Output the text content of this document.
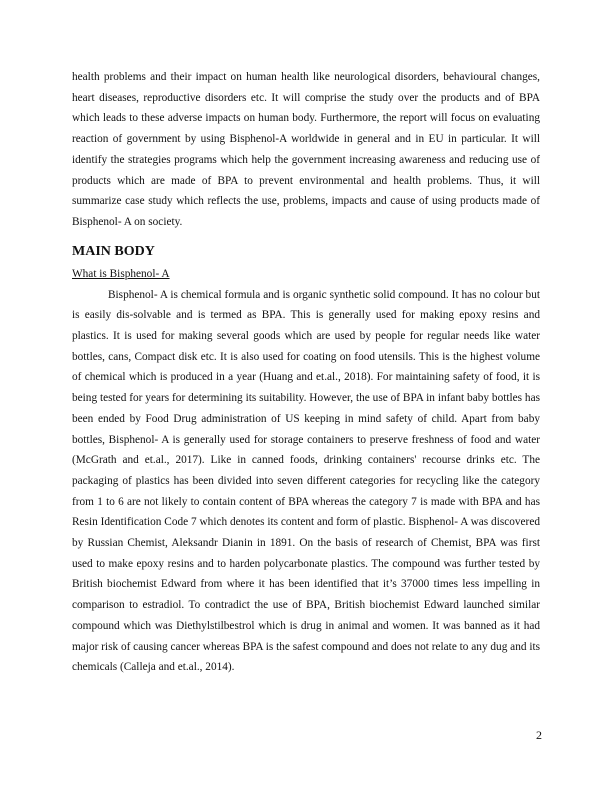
health problems and their impact on human health like neurological disorders, behavioural changes, heart diseases, reproductive disorders etc. It will comprise the study over the products and of BPA which leads to these adverse impacts on human body. Furthermore, the report will focus on evaluating reaction of government by using Bisphenol-A worldwide in general and in EU in particular. It will identify the strategies programs which help the government increasing awareness and reducing use of products which are made of BPA to prevent environmental and health problems. Thus, it will summarize case study which reflects the use, problems, impacts and cause of using products made of Bisphenol- A on society.

MAIN BODY

What is Bisphenol- A

Bisphenol- A is chemical formula and is organic synthetic solid compound. It has no colour but is easily dis-solvable and is termed as BPA. This is generally used for making epoxy resins and plastics. It is used for making several goods which are used by people for regular needs like water bottles, cans, Compact disk etc. It is also used for coating on food utensils. This is the highest volume of chemical which is produced in a year (Huang and et.al., 2018). For maintaining safety of food, it is being tested for years for determining its suitability. However, the use of BPA in infant baby bottles has been ended by Food Drug administration of US keeping in mind safety of child. Apart from baby bottles, Bisphenol- A is generally used for storage containers to preserve freshness of food and water (McGrath and et.al., 2017). Like in canned foods, drinking containers' recourse drinks etc. The packaging of plastics has been divided into seven different categories for recycling like the category from 1 to 6 are not likely to contain content of BPA whereas the category 7 is made with BPA and has Resin Identification Code 7 which denotes its content and form of plastic. Bisphenol- A was discovered by Russian Chemist, Aleksandr Dianin in 1891. On the basis of research of Chemist, BPA was first used to make epoxy resins and to harden polycarbonate plastics. The compound was further tested by British biochemist Edward from where it has been identified that it’s 37000 times less impelling in comparison to estradiol. To contradict the use of BPA, British biochemist Edward launched similar compound which was Diethylstilbestrol which is drug in animal and women. It was banned as it had major risk of causing cancer whereas BPA is the safest compound and does not relate to any dug and its chemicals (Calleja and et.al., 2014).

2
